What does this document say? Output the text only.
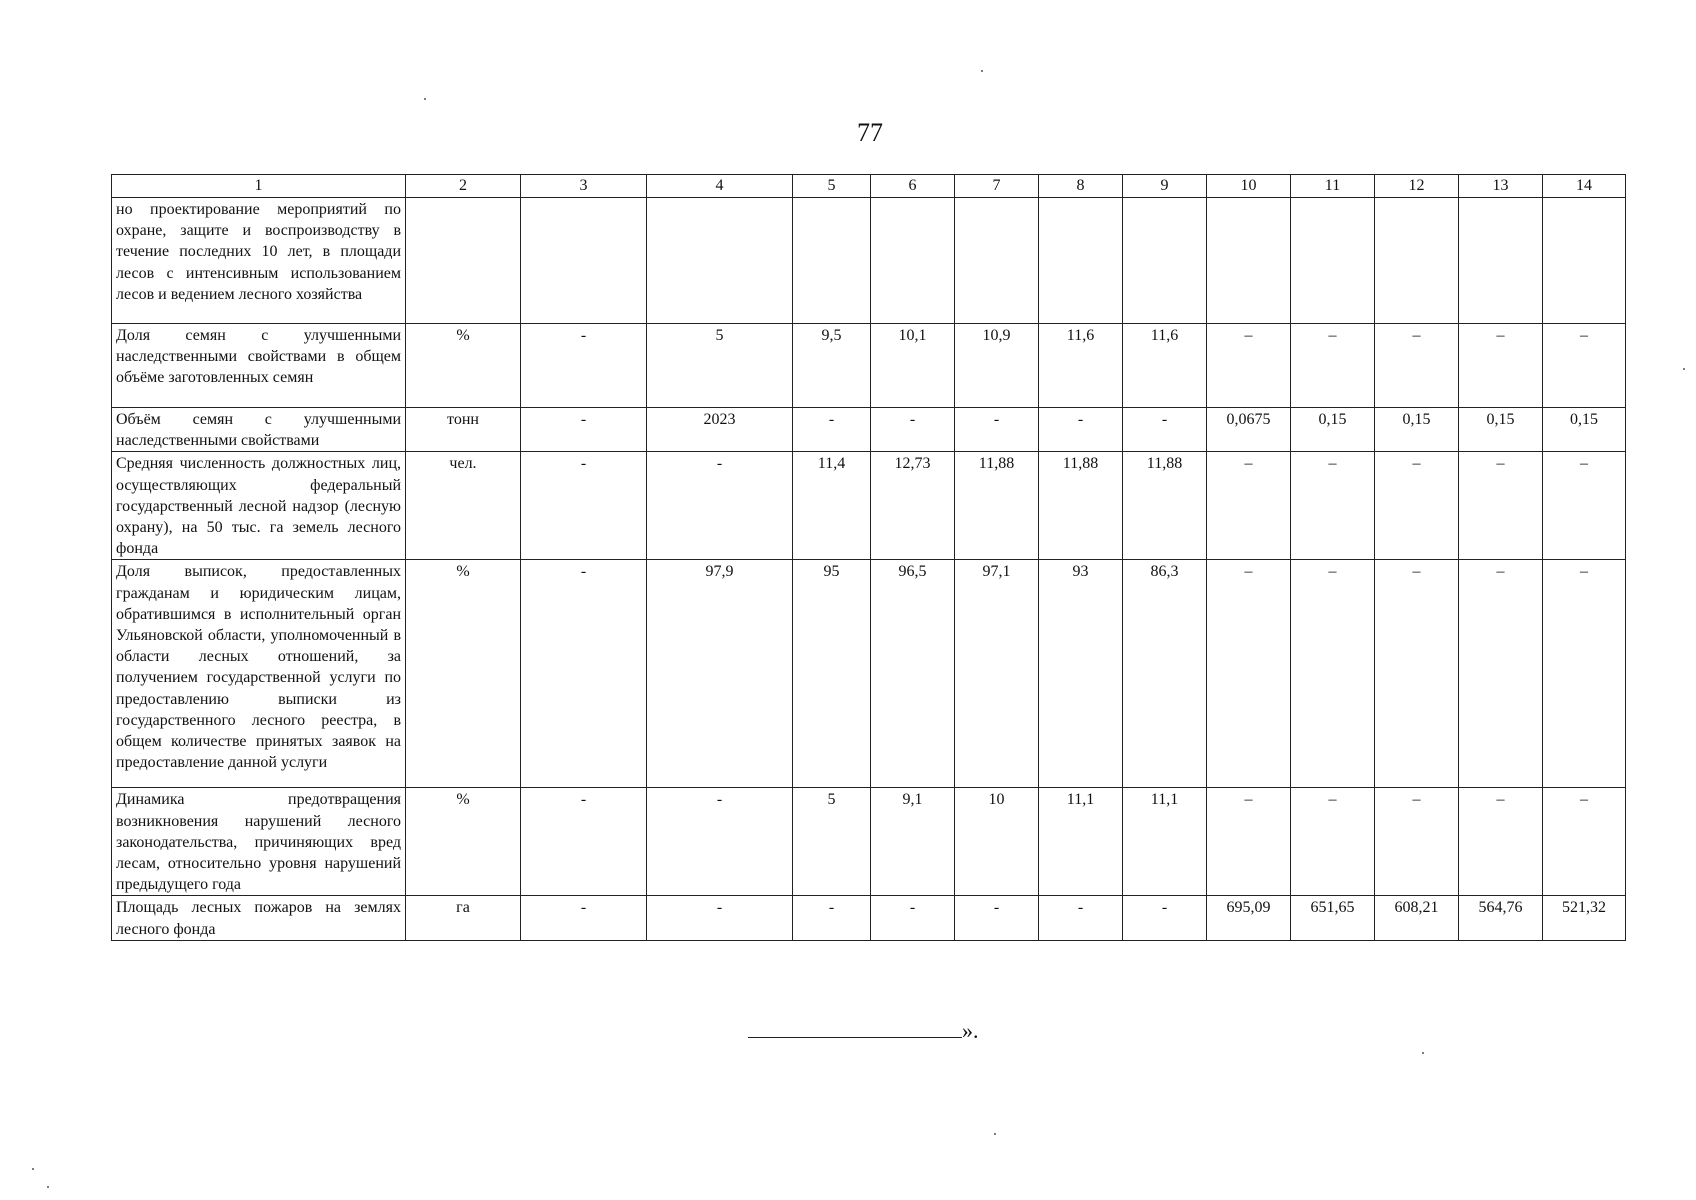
77
1	2	3	4	5	6	7	8	9	10	11	12	13	14
но проектирование мероприятий по охране, защите и воспроизводству в течение последних 10 лет, в площади лесов с интенсивным использованием лесов и ведением лесного хозяйства													
Доля семян с улучшенными наследственными свойствами в общем объёме заготовленных семян	%	-	5	9,5	10,1	10,9	11,6	11,6	–	–	–	–	–
Объём семян с улучшенными наследственными свойствами	тонн	-	2023	-	-	-	-	-	0,0675	0,15	0,15	0,15	0,15
Средняя численность должностных лиц, осуществляющих федеральный государственный лесной надзор (лесную охрану), на 50 тыс. га земель лесного фонда	чел.	-	-	11,4	12,73	11,88	11,88	11,88	–	–	–	–	–
Доля выписок, предоставленных гражданам и юридическим лицам, обратившимся в исполнительный орган Ульяновской области, уполномоченный в области лесных отношений, за получением государственной услуги по предоставлению выписки из государственного лесного реестра, в общем количестве принятых заявок на предоставление данной услуги	%	-	97,9	95	96,5	97,1	93	86,3	–	–	–	–	–
Динамика предотвращения возникновения нарушений лесного законодательства, причиняющих вред лесам, относительно уровня нарушений предыдущего года	%	-	-	5	9,1	10	11,1	11,1	–	–	–	–	–
Площадь лесных пожаров на землях лесного фонда	га	-	-	-	-	-	-	-	695,09	651,65	608,21	564,76	521,32
».
